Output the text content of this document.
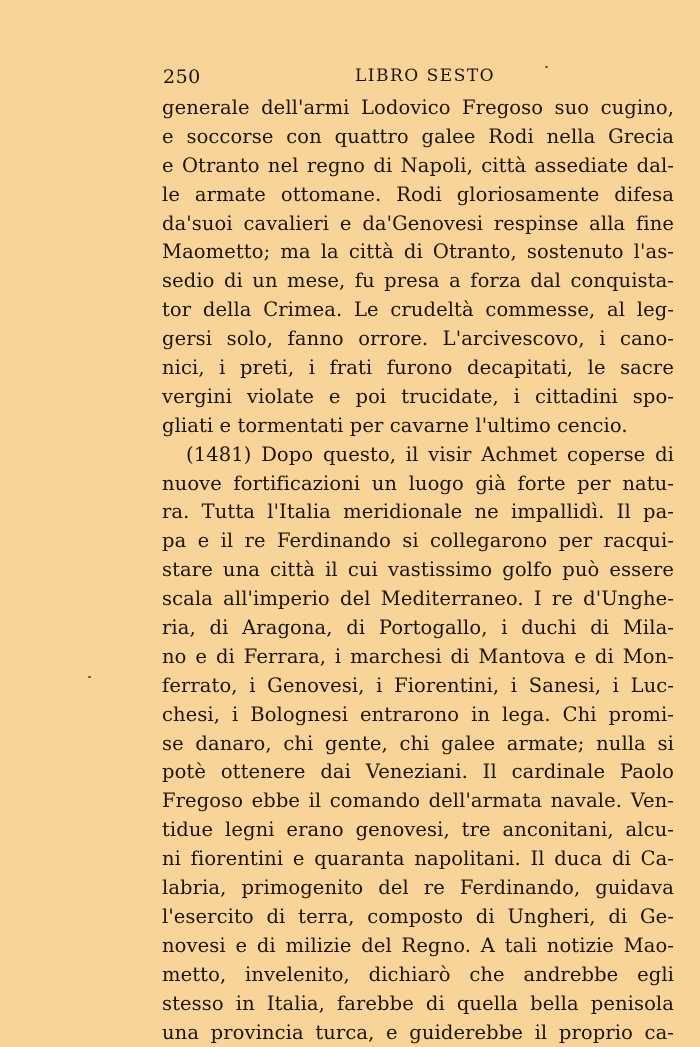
250	LIBRO SESTO
generale dell'armi Lodovico Fregoso suo cugino,
e soccorse con quattro galee Rodi nella Grecia
e Otranto nel regno di Napoli, città assediate dal-
le armate ottomane. Rodi gloriosamente difesa
da'suoi cavalieri e da'Genovesi respinse alla fine
Maometto; ma la città di Otranto, sostenuto l'as-
sedio di un mese, fu presa a forza dal conquista-
tor della Crimea. Le crudeltà commesse, al leg-
gersi solo, fanno orrore. L'arcivescovo, i cano-
nici, i preti, i frati furono decapitati, le sacre
vergini violate e poi trucidate, i cittadini spo-
gliati e tormentati per cavarne l'ultimo cencio.
(1481) Dopo questo, il visir Achmet coperse di
nuove fortificazioni un luogo già forte per natu-
ra. Tutta l'Italia meridionale ne impallidì. Il pa-
pa e il re Ferdinando si collegarono per racqui-
stare una città il cui vastissimo golfo può essere
scala all'imperio del Mediterraneo. I re d'Unghe-
ria, di Aragona, di Portogallo, i duchi di Mila-
no e di Ferrara, i marchesi di Mantova e di Mon-
ferrato, i Genovesi, i Fiorentini, i Sanesi, i Luc-
chesi, i Bolognesi entrarono in lega. Chi promi-
se danaro, chi gente, chi galee armate; nulla si
potè ottenere dai Veneziani. Il cardinale Paolo
Fregoso ebbe il comando dell'armata navale. Ven-
tidue legni erano genovesi, tre anconitani, alcu-
ni fiorentini e quaranta napolitani. Il duca di Ca-
labria, primogenito del re Ferdinando, guidava
l'esercito di terra, composto di Ungheri, di Ge-
novesi e di milizie del Regno. A tali notizie Mao-
metto, invelenito, dichiarò che andrebbe egli
stesso in Italia, farebbe di quella bella penisola
una provincia turca, e guiderebbe il proprio ca-
